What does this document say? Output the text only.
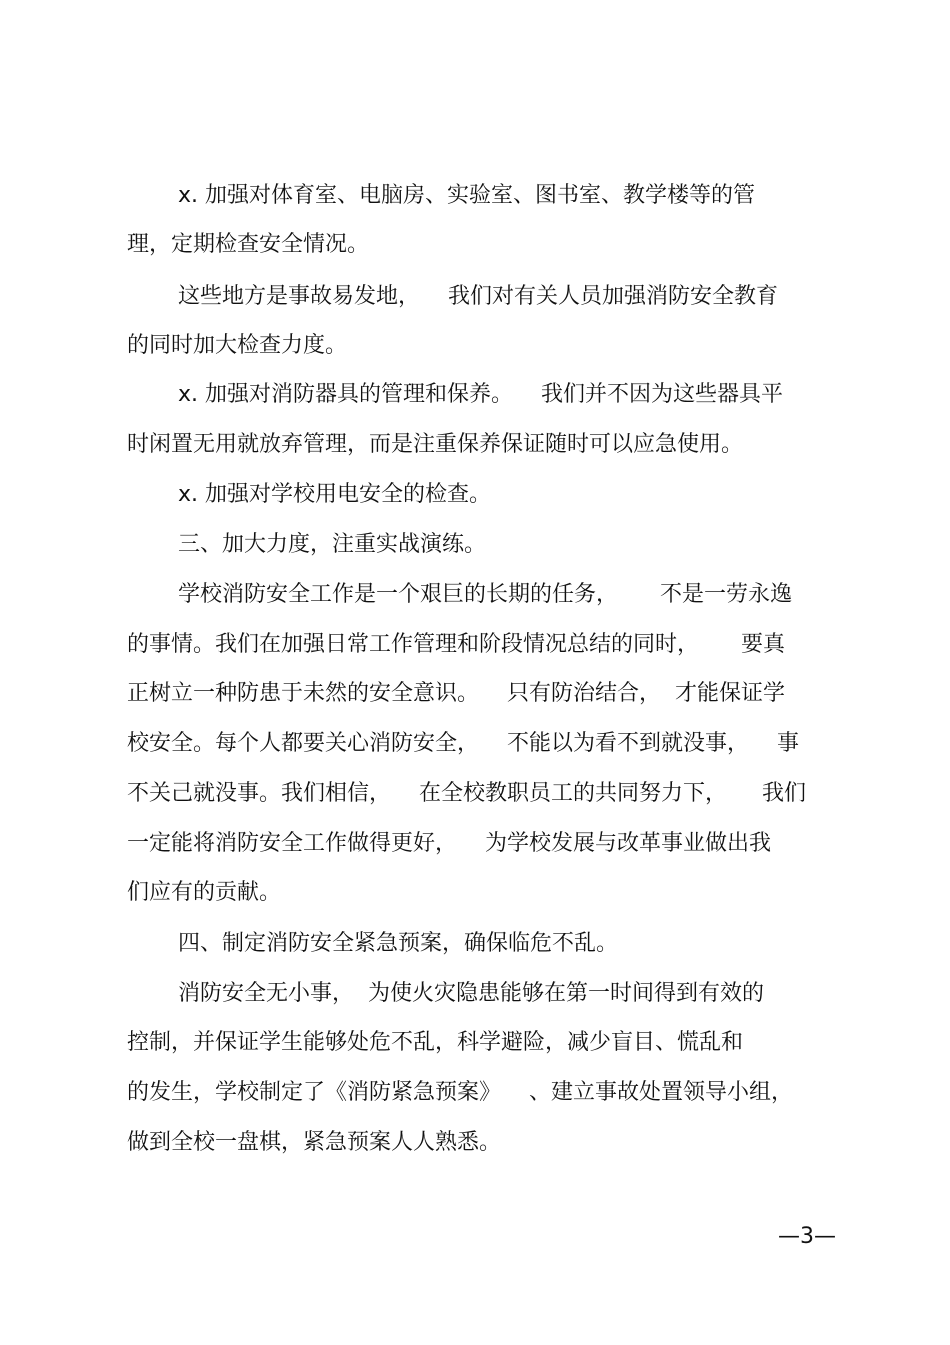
x. 加强对体育室、电脑房、实验室、图书室、教学楼等的管
理，定期检查安全情况。
这些地方是事故易发地，    我们对有关人员加强消防安全教育
的同时加大检查力度。
x. 加强对消防器具的管理和保养。    我们并不因为这些器具平
时闲置无用就放弃管理，而是注重保养保证随时可以应急使用。
x. 加强对学校用电安全的检查。
三、加大力度，注重实战演练。
学校消防安全工作是一个艰巨的长期的任务，      不是一劳永逸
的事情。我们在加强日常工作管理和阶段情况总结的同时，      要真
正树立一种防患于未然的安全意识。    只有防治结合，  才能保证学
校安全。每个人都要关心消防安全，    不能以为看不到就没事，    事
不关己就没事。我们相信，    在全校教职员工的共同努力下，     我们
一定能将消防安全工作做得更好，    为学校发展与改革事业做出我
们应有的贡献。
四、制定消防安全紧急预案，确保临危不乱。
消防安全无小事，  为使火灾隐患能够在第一时间得到有效的
控制，并保证学生能够处危不乱，科学避险，减少盲目、慌乱和
的发生，学校制定了《消防紧急预案》    、建立事故处置领导小组，
做到全校一盘棋，紧急预案人人熟悉。
—3—
